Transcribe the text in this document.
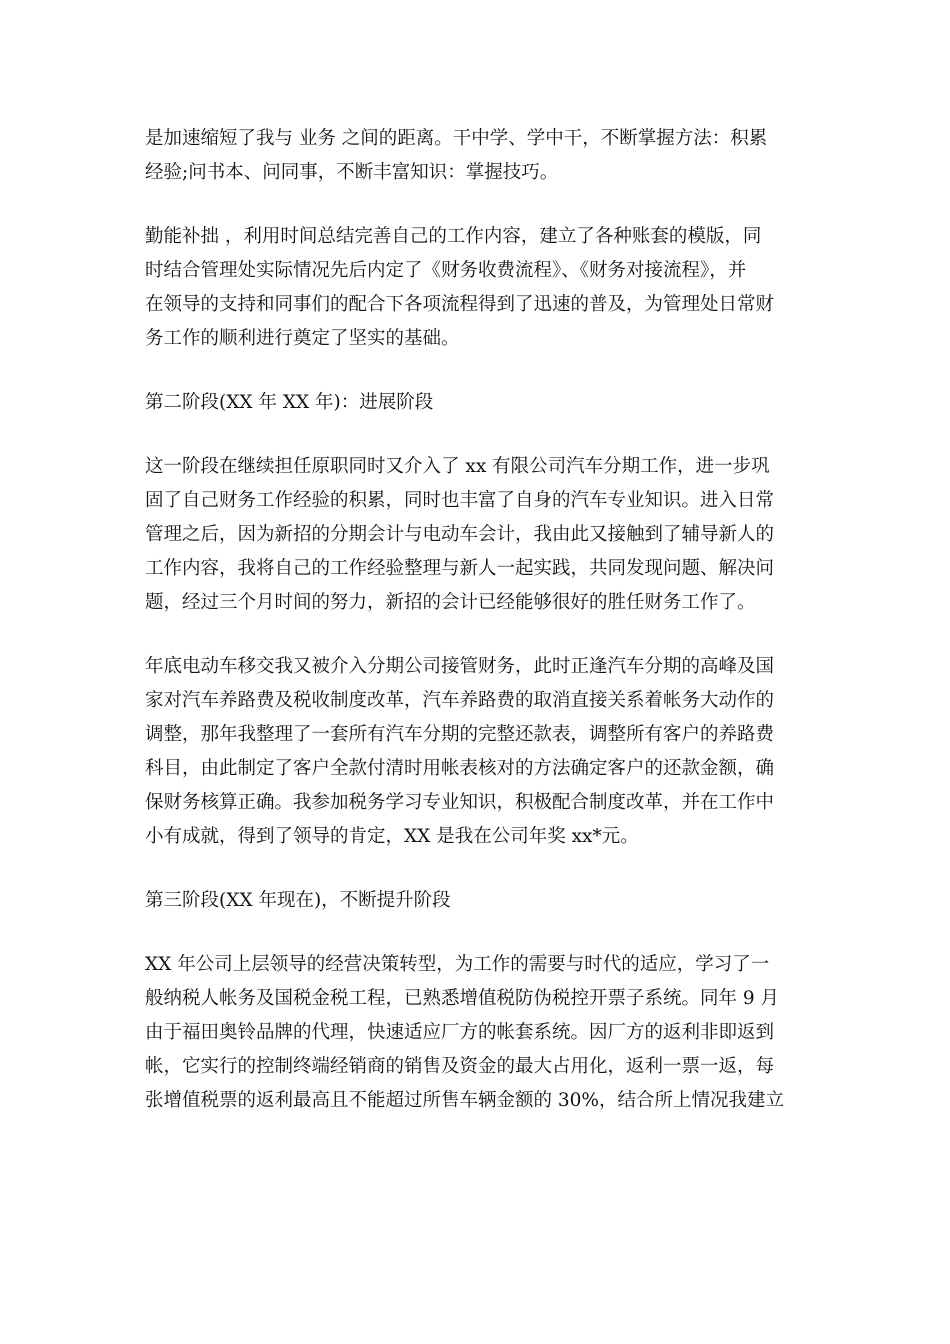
是加速缩短了我与 业务 之间的距离。干中学、学中干，不断掌握方法：积累
经验;问书本、问同事，不断丰富知识：掌握技巧。

勤能补拙 ，利用时间总结完善自己的工作内容，建立了各种账套的模版，同
时结合管理处实际情况先后内定了《财务收费流程》、《财务对接流程》，并
在领导的支持和同事们的配合下各项流程得到了迅速的普及，为管理处日常财
务工作的顺利进行奠定了坚实的基础。

第二阶段(XX 年 XX 年)：进展阶段

这一阶段在继续担任原职同时又介入了 xx 有限公司汽车分期工作，进一步巩
固了自己财务工作经验的积累，同时也丰富了自身的汽车专业知识。进入日常
管理之后，因为新招的分期会计与电动车会计，我由此又接触到了辅导新人的
工作内容，我将自己的工作经验整理与新人一起实践，共同发现问题、解决问
题，经过三个月时间的努力，新招的会计已经能够很好的胜任财务工作了。

年底电动车移交我又被介入分期公司接管财务，此时正逢汽车分期的高峰及国
家对汽车养路费及税收制度改革，汽车养路费的取消直接关系着帐务大动作的
调整，那年我整理了一套所有汽车分期的完整还款表，调整所有客户的养路费
科目，由此制定了客户全款付清时用帐表核对的方法确定客户的还款金额，确
保财务核算正确。我参加税务学习专业知识，积极配合制度改革，并在工作中
小有成就，得到了领导的肯定，XX 是我在公司年奖 xx*元。

第三阶段(XX 年现在)，不断提升阶段

XX 年公司上层领导的经营决策转型，为工作的需要与时代的适应，学习了一
般纳税人帐务及国税金税工程，已熟悉增值税防伪税控开票子系统。同年 9 月
由于福田奥铃品牌的代理，快速适应厂方的帐套系统。因厂方的返利非即返到
帐，它实行的控制终端经销商的销售及资金的最大占用化，返利一票一返，每
张增值税票的返利最高且不能超过所售车辆金额的 30%，结合所上情况我建立
